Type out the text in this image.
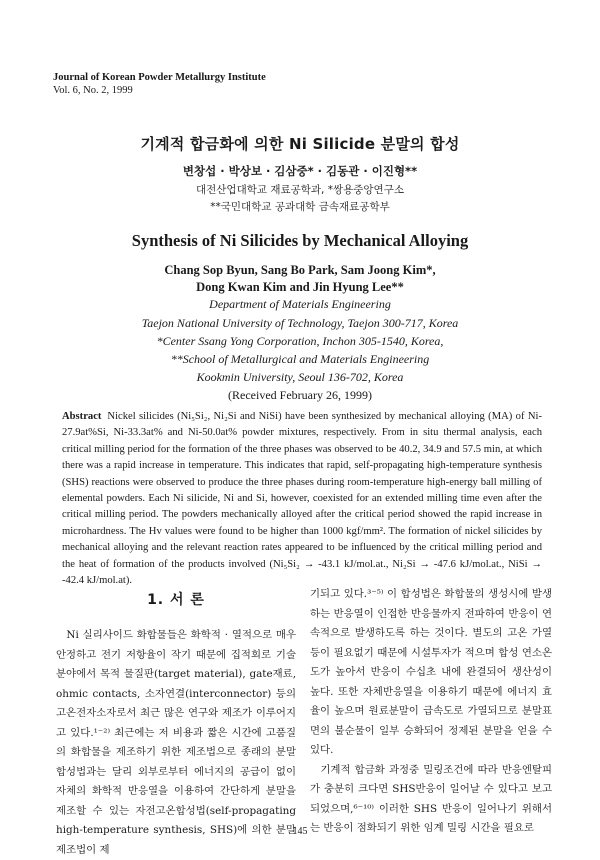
Journal of Korean Powder Metallurgy Institute
Vol. 6, No. 2, 1999
기계적 합금화에 의한 Ni Silicide 분말의 합성
변창섭 · 박상보 · 김삼중* · 김동관 · 이진형**
대전산업대학교 재료공학과, *쌍용중앙연구소
**국민대학교 공과대학 금속재료공학부
Synthesis of Ni Silicides by Mechanical Alloying
Chang Sop Byun, Sang Bo Park, Sam Joong Kim*,
Dong Kwan Kim and Jin Hyung Lee**
Department of Materials Engineering
Taejon National University of Technology, Taejon 300-717, Korea
*Center Ssang Yong Corporation, Inchon 305-1540, Korea,
**School of Metallurgical and Materials Engineering
Kookmin University, Seoul 136-702, Korea
(Received February 26, 1999)
Abstract Nickel silicides (Ni₅Si₂, Ni₂Si and NiSi) have been synthesized by mechanical alloying (MA) of Ni-27.9at%Si, Ni-33.3at% and Ni-50.0at% powder mixtures, respectively. From in situ thermal analysis, each critical milling period for the formation of the three phases was observed to be 40.2, 34.9 and 57.5 min, at which there was a rapid increase in temperature. This indicates that rapid, self-propagating high-temperature synthesis (SHS) reactions were observed to produce the three phases during room-temperature high-energy ball milling of elemental powders. Each Ni silicide, Ni and Si, however, coexisted for an extended milling time even after the critical milling period. The powders mechanically alloyed after the critical period showed the rapid increase in microhardness. The Hv values were found to be higher than 1000 kgf/mm². The formation of nickel silicides by mechanical alloying and the relevant reaction rates appeared to be influenced by the critical milling period and the heat of formation of the products involved (Ni₅Si₂ → -43.1 kJ/mol.at., Ni₂Si → -47.6 kJ/mol.at., NiSi → -42.4 kJ/mol.at).
1. 서 론

Ni 실리사이드 화합물들은 화학적 · 열적으로 매우 안정하고 전기 저항율이 작기 때문에 집적회로 기술분야에서 목적 물질판(target material), gate재료, ohmic contacts, 소자연결(interconnector) 등의 고온전자소자로서 최근 많은 연구와 제조가 이루어지고 있다.¹⁻²⁾ 최근에는 저 비용과 짧은 시간에 고품질의 화합물을 제조하기 위한 제조법으로 종래의 분말합성법과는 달리 외부로부터 에너지의 공급이 없이 자체의 화학적 반응열을 이용하여 간단하게 분말을 제조할 수 있는 자전고온합성법(self-propagating high-temperature synthesis, SHS)에 의한 분말제조법이 제

기되고 있다.³⁻⁵⁾ 이 합성법은 화합물의 생성시에 발생하는 반응열이 인접한 반응물까지 전파하여 반응이 연속적으로 발생하도록 하는 것이다. 별도의 고온 가열 등이 필요없기 때문에 시설투자가 적으며 합성 연소온도가 높아서 반응이 수십초 내에 완결되어 생산성이 높다. 또한 자체반응열을 이용하기 때문에 에너지 효율이 높으며 원료분말이 급속도로 가열되므로 분말표면의 불순물이 일부 승화되어 정제된 분말을 얻을 수 있다.

기계적 합금화 과정중 밀링조건에 따라 반응엔탈피가 충분히 크다면 SHS반응이 일어날 수 있다고 보고되었으며,⁶⁻¹⁰⁾ 이러한 SHS 반응이 일어나기 위해서는 반응이 점화되기 위한 임계 밀링 시간을 필요로

145
